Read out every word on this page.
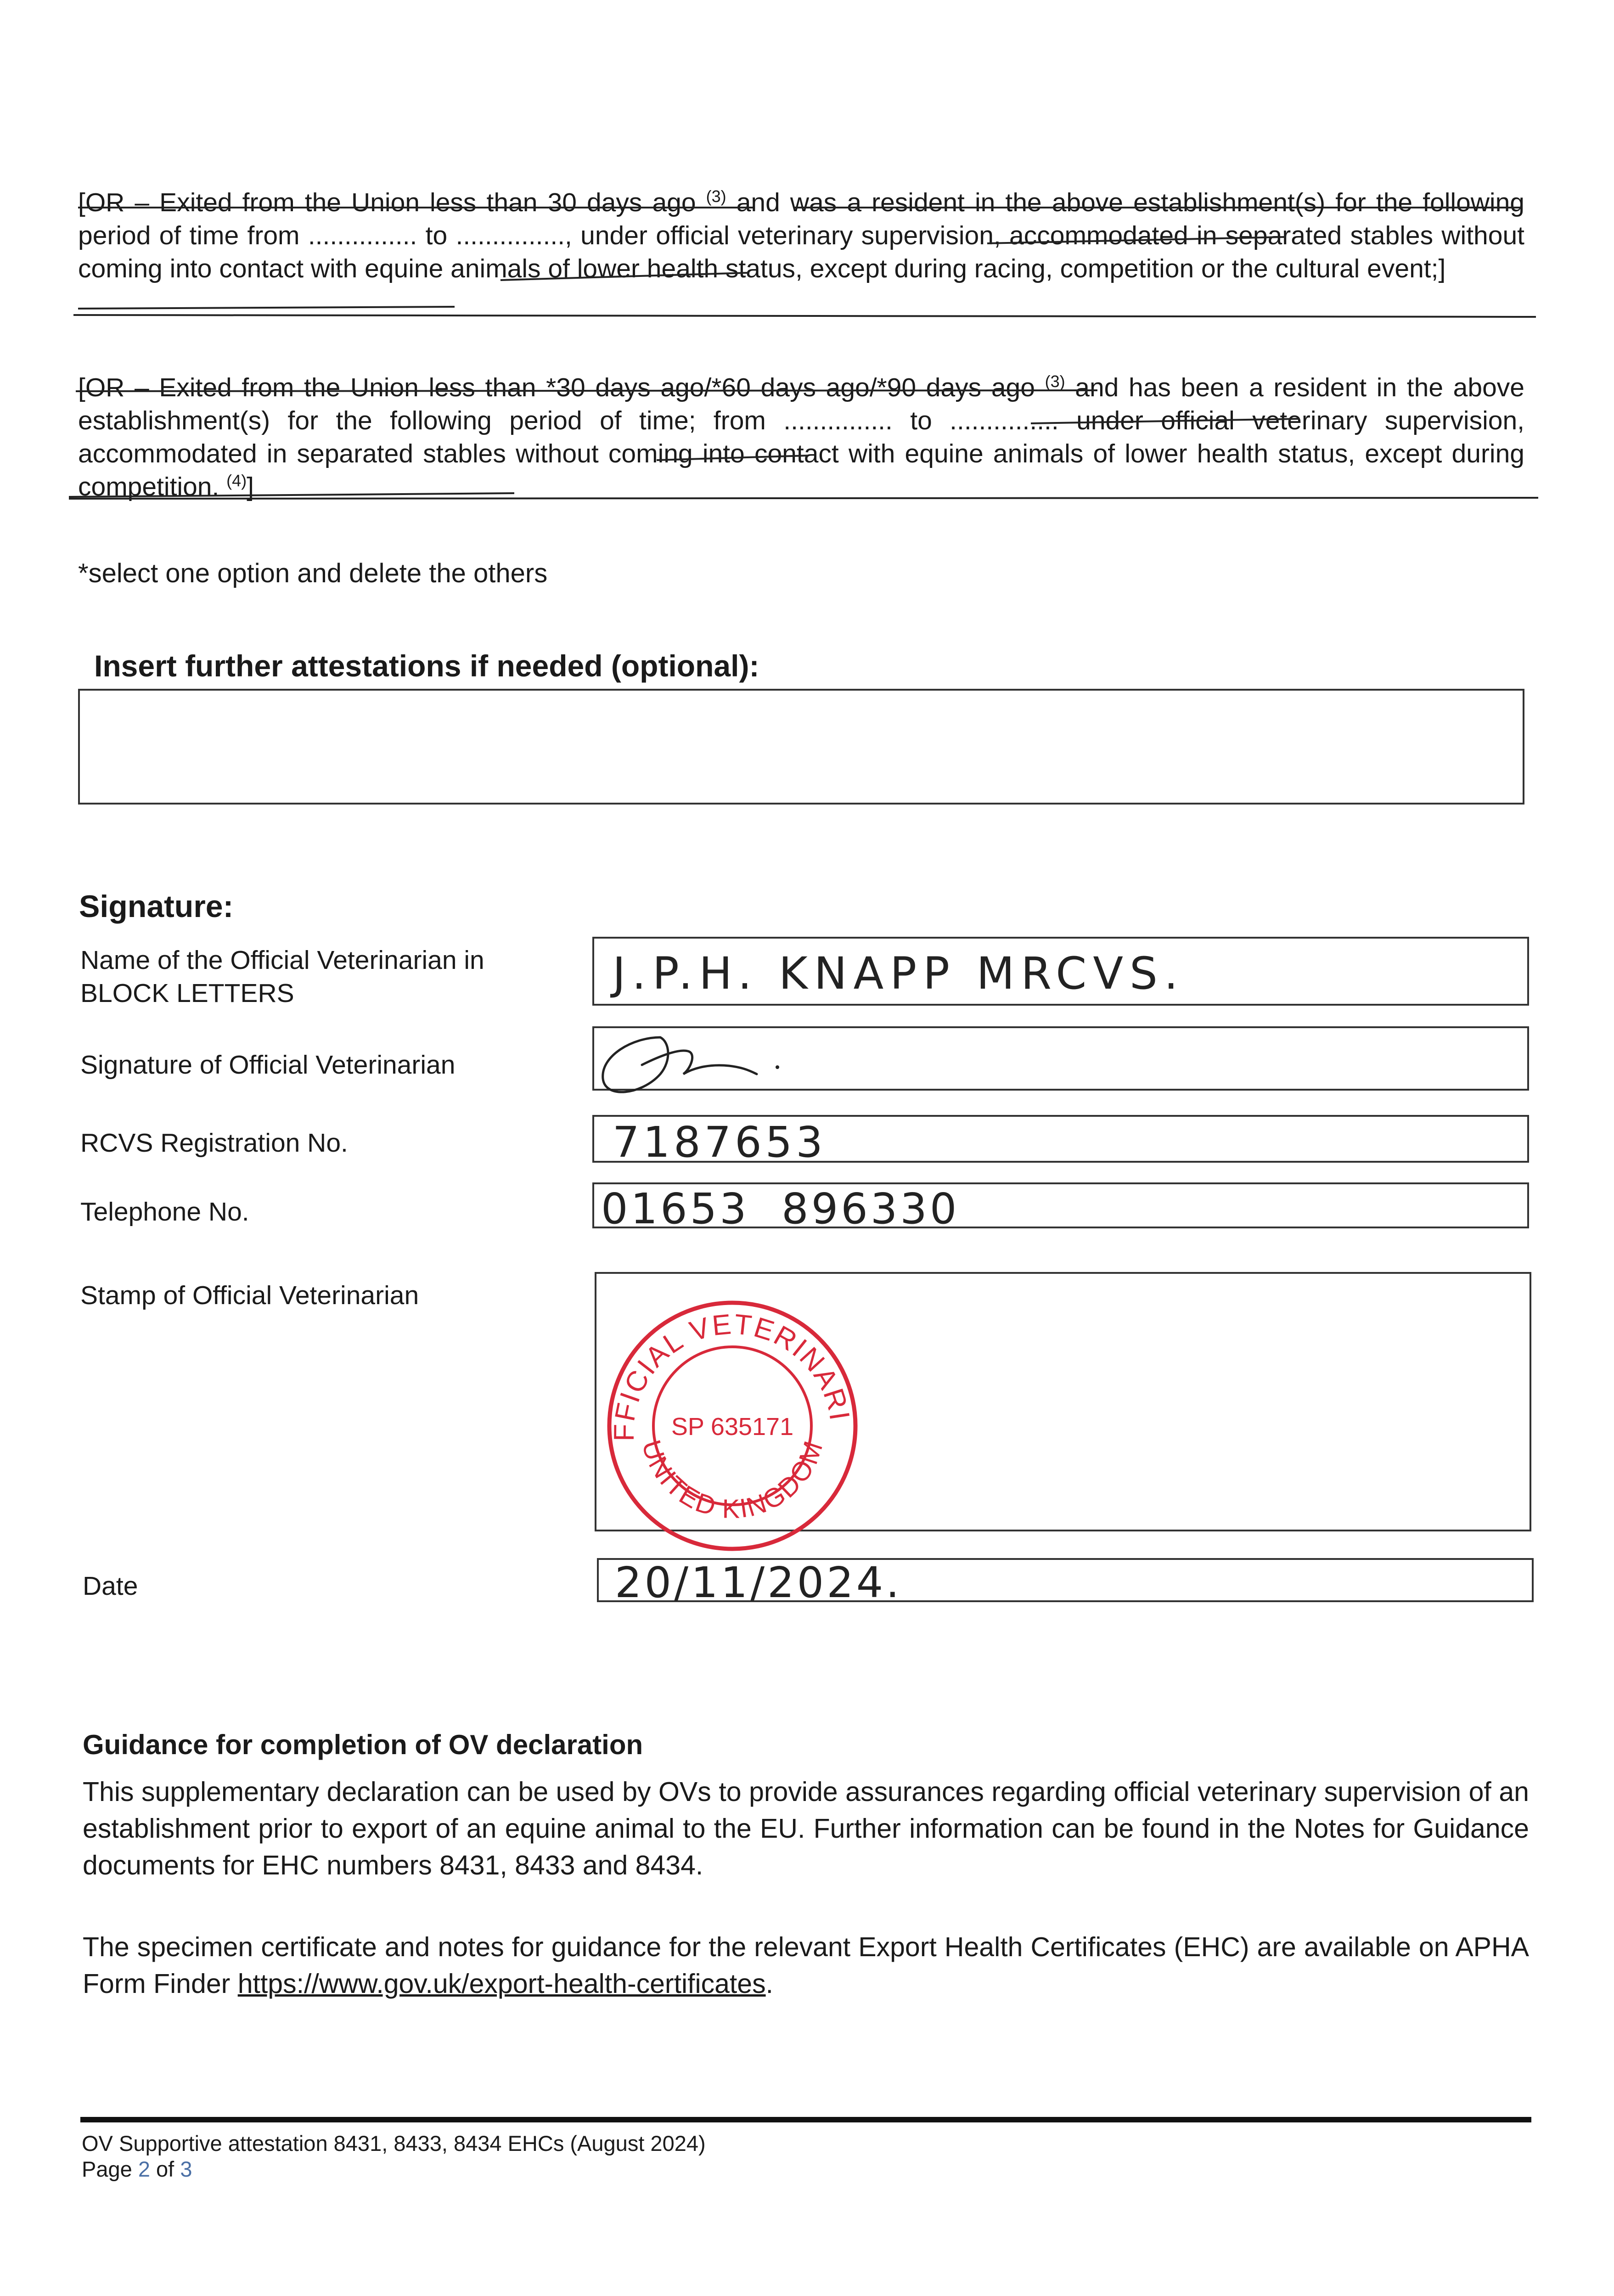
[OR – Exited from the Union less than 30 days ago $^{(3)}$ and was a resident in the above establishment(s) for the following period of time from ............... to ..............., under official veterinary supervision, accommodated in separated stables without coming into contact with equine animals of lower health status, except during racing, competition or the cultural event;]

[OR – Exited from the Union less than *30 days ago/*60 days ago/*90 days ago $^{(3)}$ and has been a resident in the above establishment(s) for the following period of time; from ............... to ............... under official veterinary supervision, accommodated in separated stables without coming into contact with equine animals of lower health status, except during competition. $^{(4)}$]

*select one option and delete the others
Insert further attestations if needed (optional):
Signature:
Name of the Official Veterinarian in BLOCK LETTERS	J.P.H. KNAPP MRCVS.
Signature of Official Veterinarian
RCVS Registration No.	7187653
Telephone No.	01653  896330
Stamp of Official Veterinarian
FFICIAL VETERINARI
UNITED KINGDOM
SP 635171
Date	20/11/2024.
Guidance for completion of OV declaration

This supplementary declaration can be used by OVs to provide assurances regarding official veterinary supervision of an establishment prior to export of an equine animal to the EU. Further information can be found in the Notes for Guidance documents for EHC numbers 8431, 8433 and 8434.

The specimen certificate and notes for guidance for the relevant Export Health Certificates (EHC) are available on APHA Form Finder https://www.gov.uk/export-health-certificates.

OV Supportive attestation 8431, 8433, 8434 EHCs (August 2024)
Page 2 of 3
